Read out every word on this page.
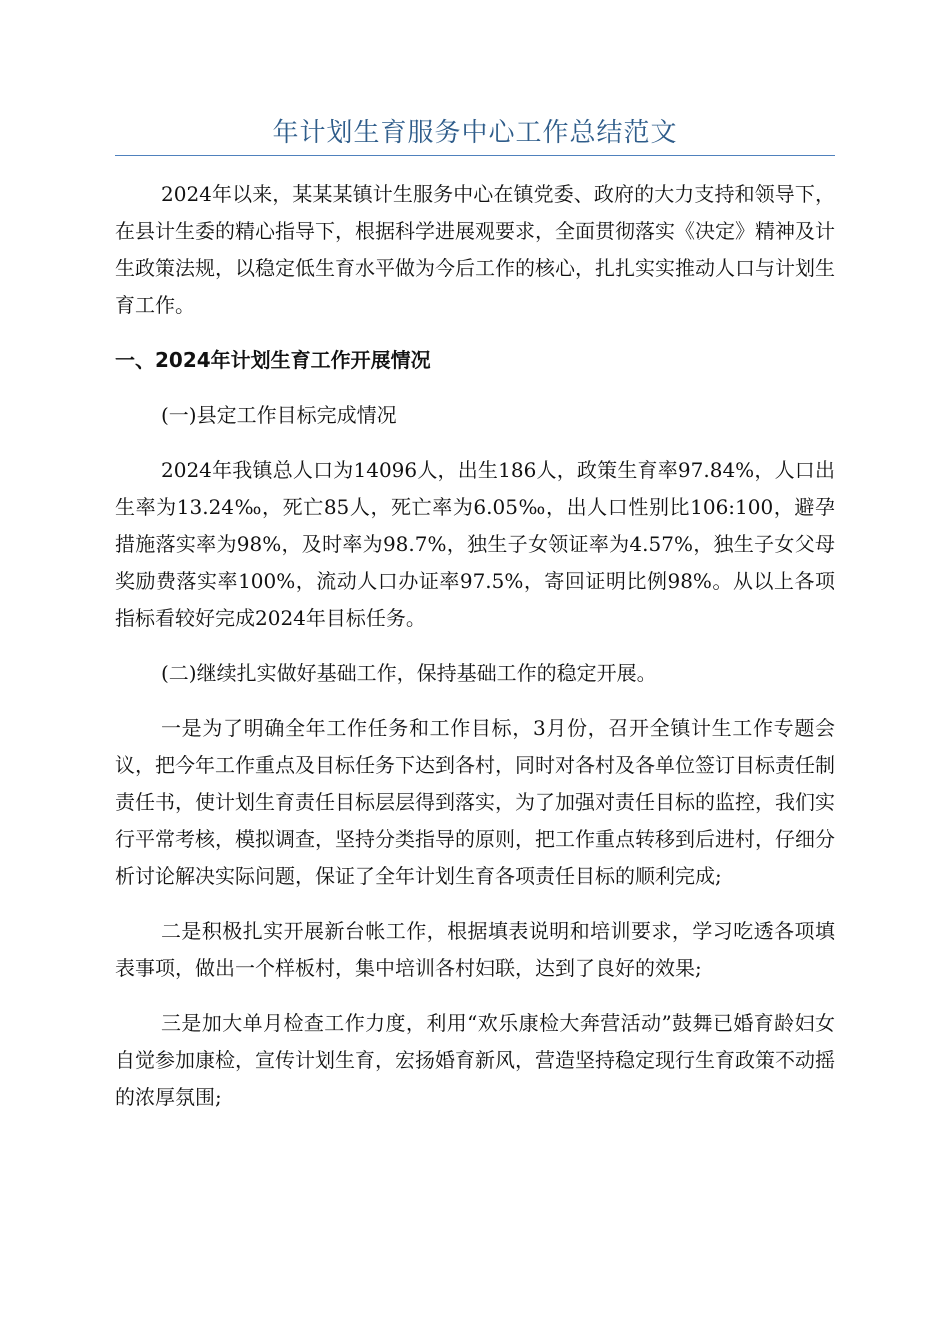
年计划生育服务中心工作总结范文

2024年以来，某某某镇计生服务中心在镇党委、政府的大力支持和领导下，在县计生委的精心指导下，根据科学进展观要求，全面贯彻落实《决定》精神及计生政策法规，以稳定低生育水平做为今后工作的核心，扎扎实实推动人口与计划生育工作。

一、2024年计划生育工作开展情况

(一)县定工作目标完成情况

2024年我镇总人口为14096人，出生186人，政策生育率97.84%，人口出生率为13.24‰，死亡85人，死亡率为6.05‰，出人口性别比106:100，避孕措施落实率为98%，及时率为98.7%，独生子女领证率为4.57%，独生子女父母奖励费落实率100%，流动人口办证率97.5%，寄回证明比例98%。从以上各项指标看较好完成2024年目标任务。

(二)继续扎实做好基础工作，保持基础工作的稳定开展。

一是为了明确全年工作任务和工作目标，3月份，召开全镇计生工作专题会议，把今年工作重点及目标任务下达到各村，同时对各村及各单位签订目标责任制责任书，使计划生育责任目标层层得到落实，为了加强对责任目标的监控，我们实行平常考核，模拟调查，坚持分类指导的原则，把工作重点转移到后进村，仔细分析讨论解决实际问题，保证了全年计划生育各项责任目标的顺利完成;

二是积极扎实开展新台帐工作，根据填表说明和培训要求，学习吃透各项填表事项，做出一个样板村，集中培训各村妇联，达到了良好的效果;

三是加大单月检查工作力度，利用“欢乐康检大奔营活动”鼓舞已婚育龄妇女自觉参加康检，宣传计划生育，宏扬婚育新风，营造坚持稳定现行生育政策不动摇的浓厚氛围;
